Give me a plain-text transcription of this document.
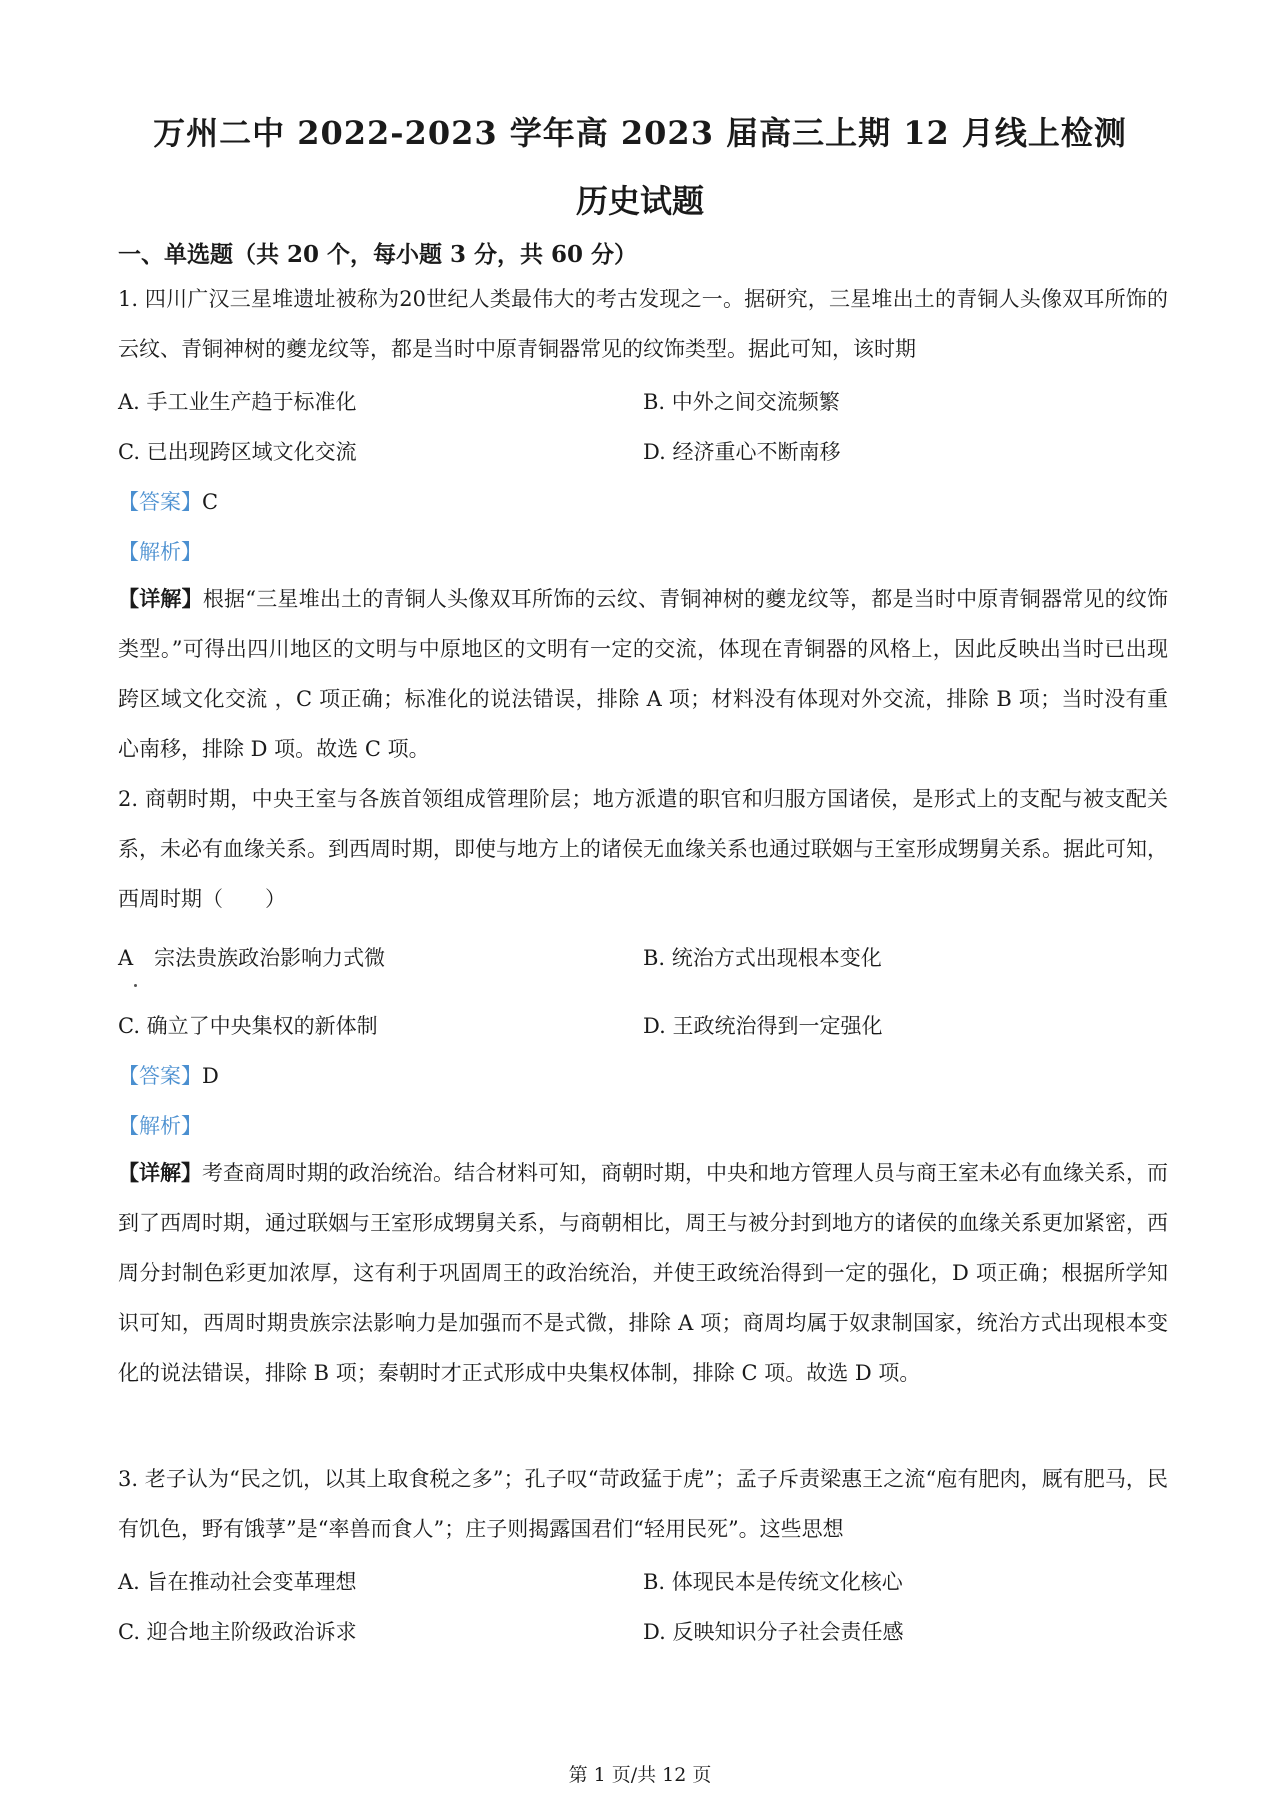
万州二中 2022-2023 学年高 2023 届高三上期 12 月线上检测
历史试题
一、单选题（共 20 个，每小题 3 分，共 60 分）
1. 四川广汉三星堆遗址被称为20世纪人类最伟大的考古发现之一。据研究，三星堆出土的青铜人头像双耳所饰的云纹、青铜神树的夔龙纹等，都是当时中原青铜器常见的纹饰类型。据此可知，该时期
A. 手工业生产趋于标准化	B. 中外之间交流频繁
C. 已出现跨区域文化交流	D. 经济重心不断南移
【答案】C
【解析】
【详解】根据“三星堆出土的青铜人头像双耳所饰的云纹、青铜神树的夔龙纹等，都是当时中原青铜器常见的纹饰类型。”可得出四川地区的文明与中原地区的文明有一定的交流，体现在青铜器的风格上，因此反映出当时已出现跨区域文化交流 ，C 项正确；标准化的说法错误，排除 A 项；材料没有体现对外交流，排除 B 项；当时没有重心南移，排除 D 项。故选 C 项。
2. 商朝时期，中央王室与各族首领组成管理阶层；地方派遣的职官和归服方国诸侯，是形式上的支配与被支配关系，未必有血缘关系。到西周时期，即使与地方上的诸侯无血缘关系也通过联姻与王室形成甥舅关系。据此可知，西周时期（　　）
A　宗法贵族政治影响力式微	B. 统治方式出现根本变化
C. 确立了中央集权的新体制	D. 王政统治得到一定强化
【答案】D
【解析】
【详解】考查商周时期的政治统治。结合材料可知，商朝时期，中央和地方管理人员与商王室未必有血缘关系，而到了西周时期，通过联姻与王室形成甥舅关系，与商朝相比，周王与被分封到地方的诸侯的血缘关系更加紧密，西周分封制色彩更加浓厚，这有利于巩固周王的政治统治，并使王政统治得到一定的强化，D 项正确；根据所学知识可知，西周时期贵族宗法影响力是加强而不是式微，排除 A 项；商周均属于奴隶制国家，统治方式出现根本变化的说法错误，排除 B 项；秦朝时才正式形成中央集权体制，排除 C 项。故选 D 项。
3. 老子认为“民之饥，以其上取食税之多”；孔子叹“苛政猛于虎”；孟子斥责梁惠王之流“庖有肥肉，厩有肥马，民有饥色，野有饿莩”是“率兽而食人”；庄子则揭露国君们“轻用民死”。这些思想
A. 旨在推动社会变革理想	B. 体现民本是传统文化核心
C. 迎合地主阶级政治诉求	D. 反映知识分子社会责任感
第 1 页/共 12 页
